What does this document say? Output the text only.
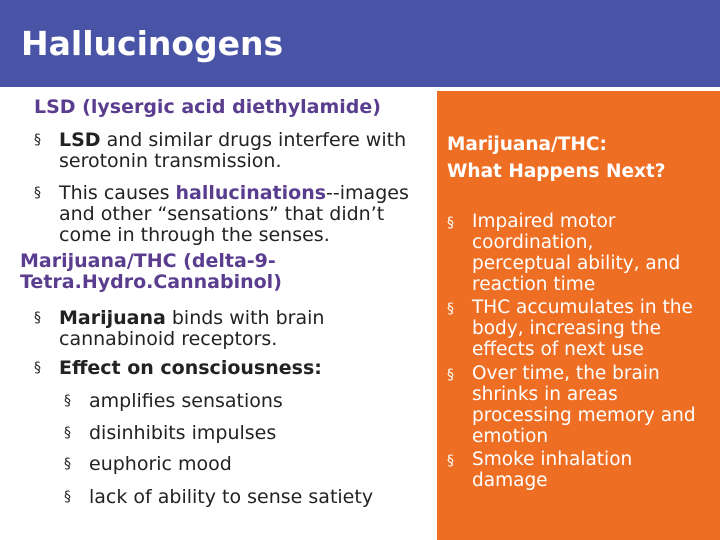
Hallucinogens

LSD (lysergic acid diethylamide)

§ LSD and similar drugs interfere with

serotonin transmission.

§ This causes hallucinations--images

and other “sensations” that didn’t

come in through the senses.

Marijuana/THC (delta-9-

Tetra.Hydro.Cannabinol)

§ Marijuana binds with brain

cannabinoid receptors.

§ Effect on consciousness:

§ amplifies sensations

§ disinhibits impulses

§ euphoric mood

§ lack of ability to sense satiety

Marijuana/THC:

What Happens Next?

§ Impaired motor

coordination,

perceptual ability, and

reaction time

§ THC accumulates in the

body, increasing the

effects of next use

§ Over time, the brain

shrinks in areas

processing memory and

emotion

§ Smoke inhalation

damage
